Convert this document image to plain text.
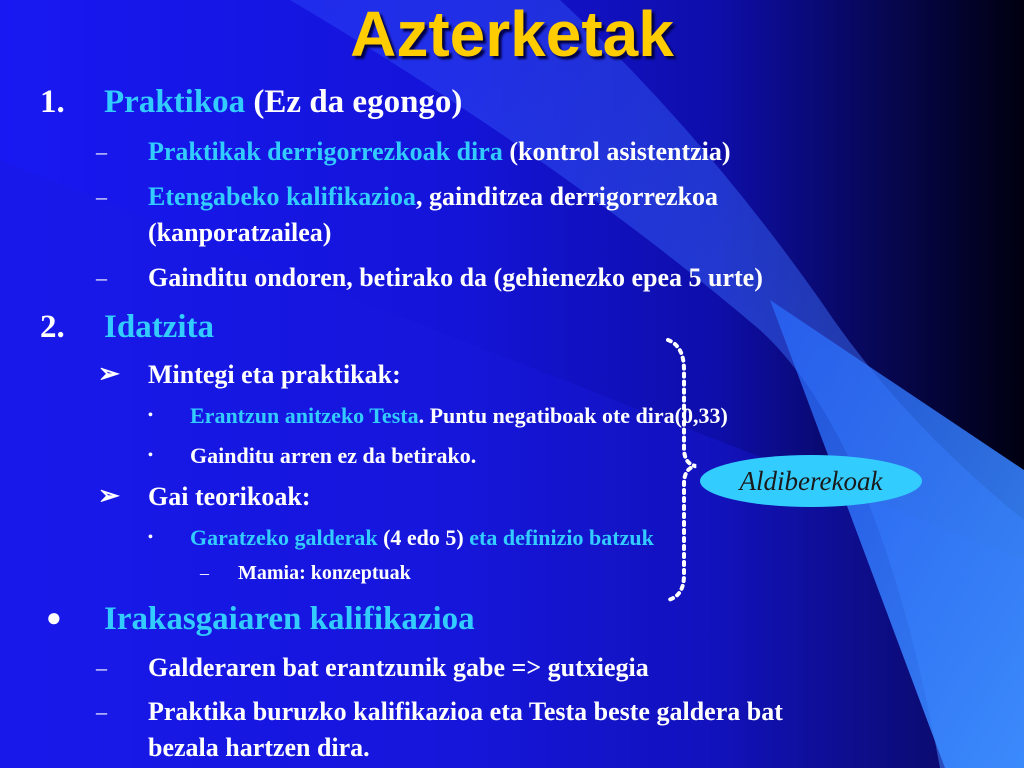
Azterketak
1. Praktikoa (Ez da egongo)
– Praktikak derrigorrezkoak dira (kontrol asistentzia)
– Etengabeko kalifikazioa, gainditzea derrigorrezkoa
(kanporatzailea)
– Gainditu ondoren, betirako da (gehienezko epea 5 urte)
2. Idatzita
➢ Mintegi eta praktikak:
• Erantzun anitzeko Testa. Puntu negatiboak ote dira(0,33)
• Gainditu arren ez da betirako.
➢ Gai teorikoak:
• Garatzeko galderak (4 edo 5) eta definizio batzuk
– Mamia: konzeptuak
● Irakasgaiaren kalifikazioa
– Galderaren bat erantzunik gabe => gutxiegia
– Praktika buruzko kalifikazioa eta Testa beste galdera bat
bezala hartzen dira.
Aldiberekoak
